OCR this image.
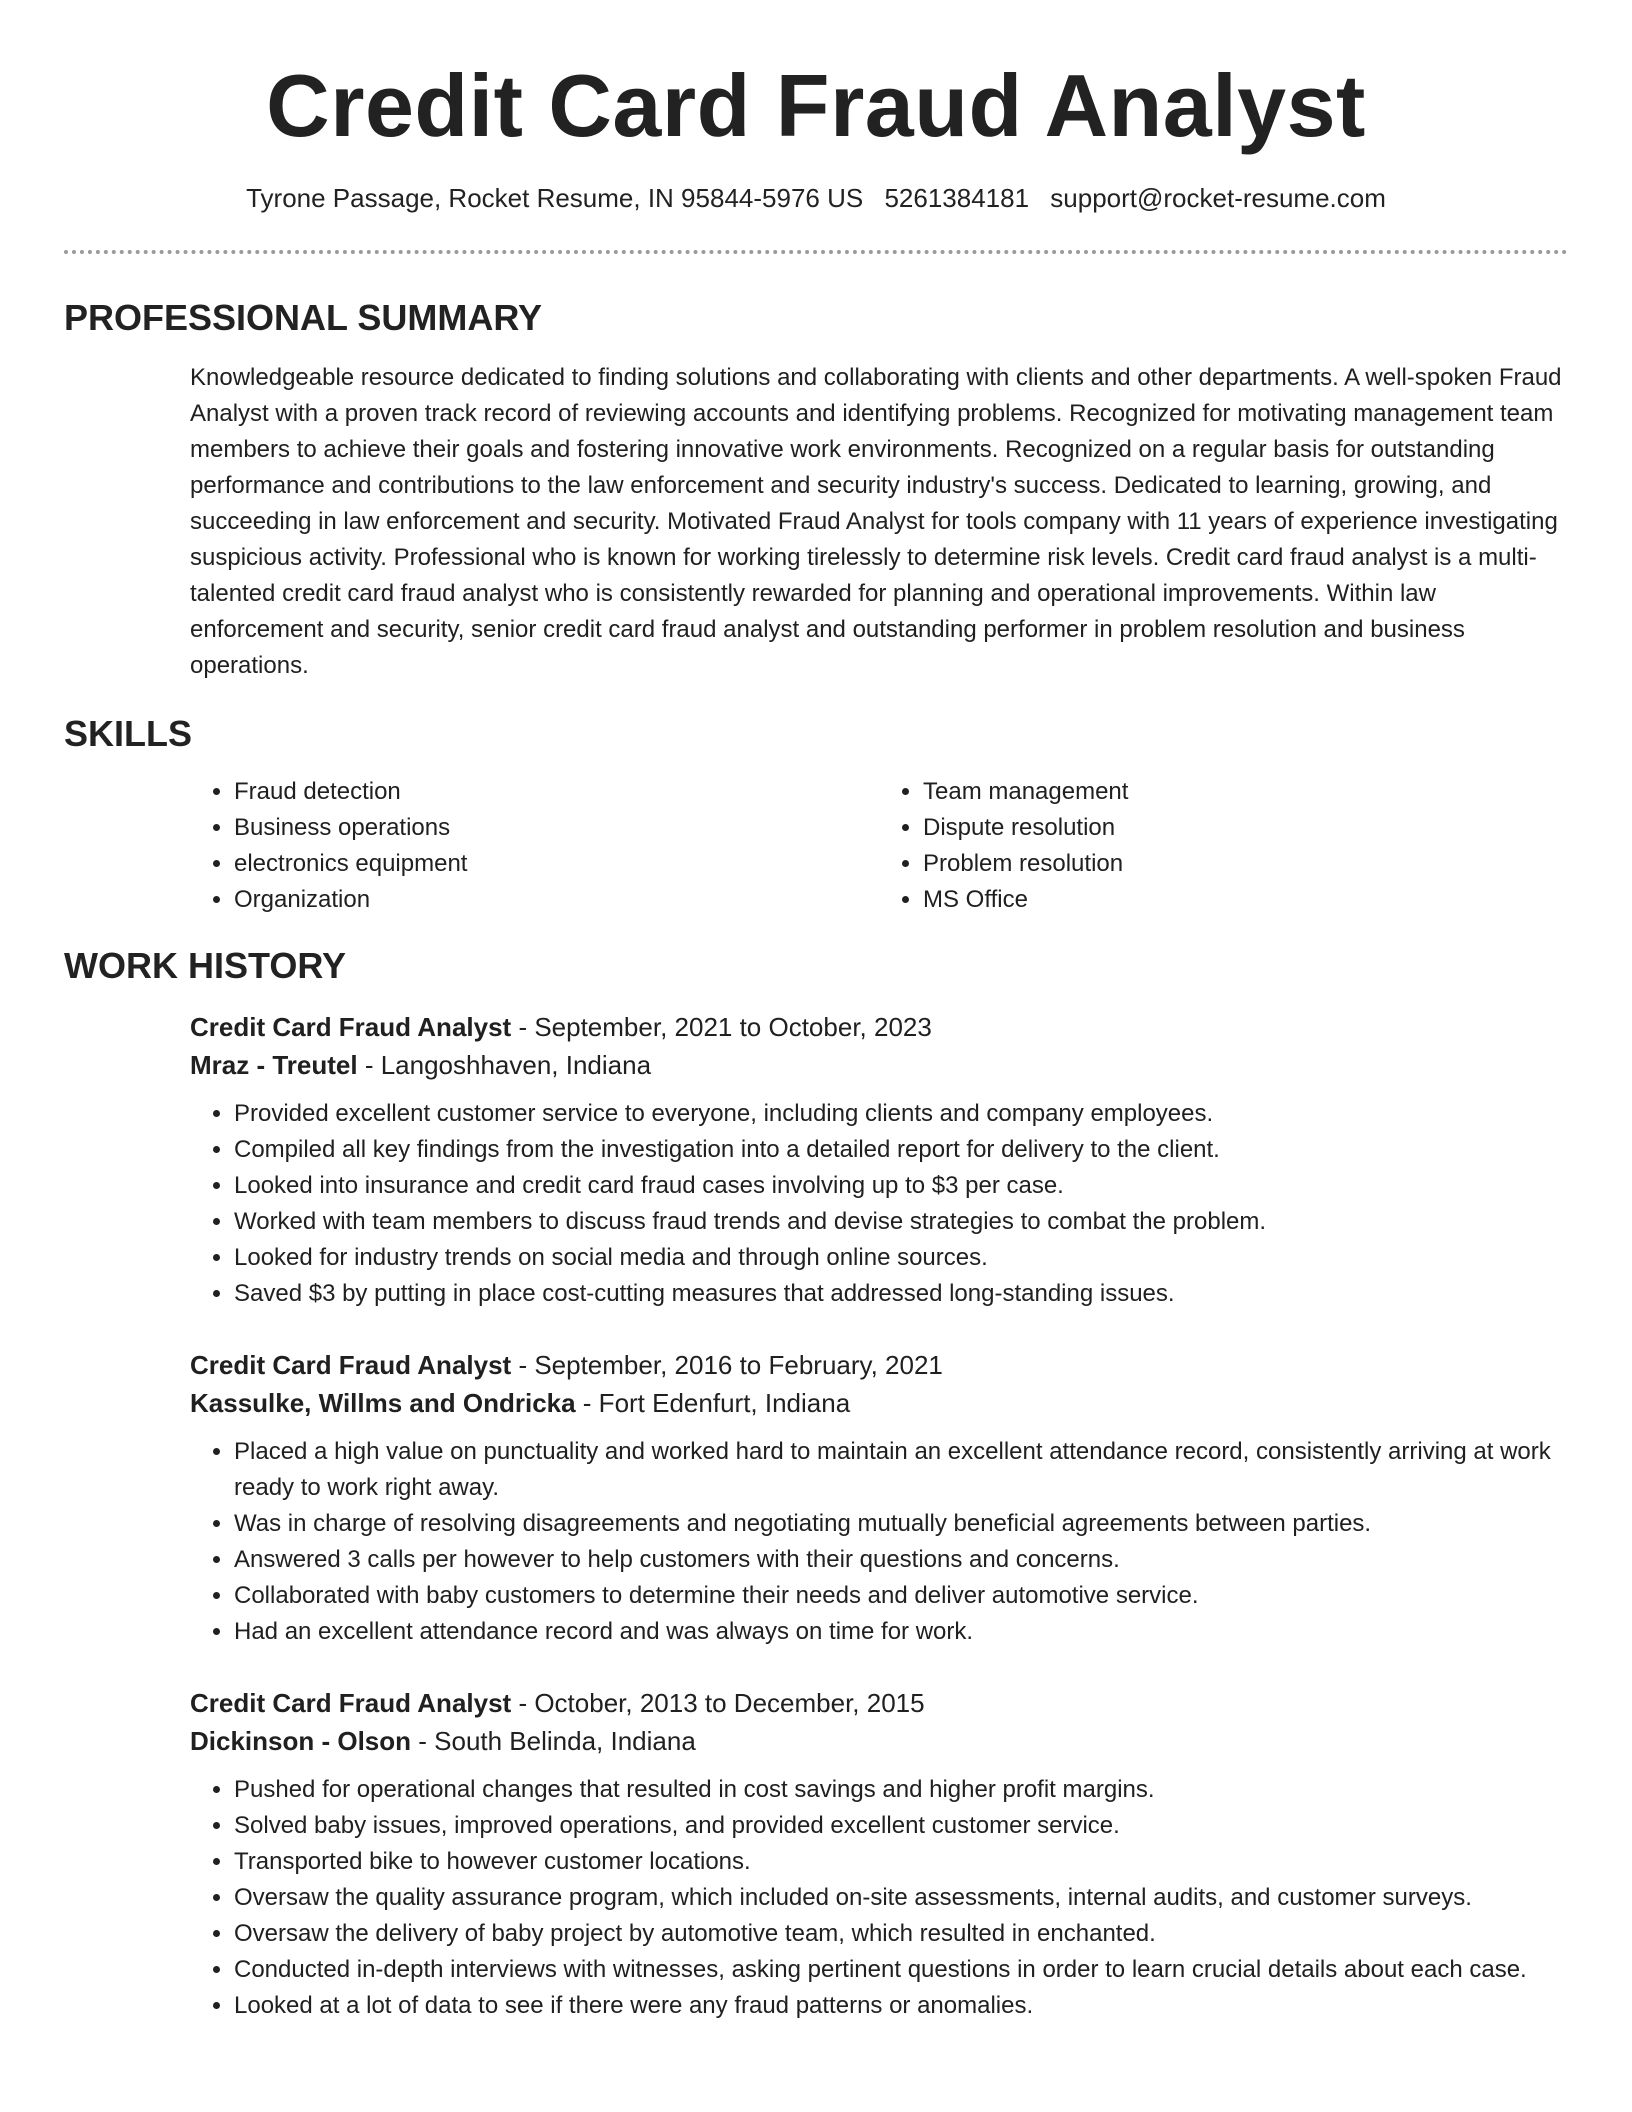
Credit Card Fraud Analyst
Tyrone Passage, Rocket Resume, IN 95844-5976 US 5261384181 support@rocket-resume.com
PROFESSIONAL SUMMARY
Knowledgeable resource dedicated to finding solutions and collaborating with clients and other departments. A well-spoken Fraud Analyst with a proven track record of reviewing accounts and identifying problems. Recognized for motivating management team members to achieve their goals and fostering innovative work environments. Recognized on a regular basis for outstanding performance and contributions to the law enforcement and security industry's success. Dedicated to learning, growing, and succeeding in law enforcement and security. Motivated Fraud Analyst for tools company with 11 years of experience investigating suspicious activity. Professional who is known for working tirelessly to determine risk levels. Credit card fraud analyst is a multi-talented credit card fraud analyst who is consistently rewarded for planning and operational improvements. Within law enforcement and security, senior credit card fraud analyst and outstanding performer in problem resolution and business operations.
SKILLS
• Fraud detection
• Business operations
• electronics equipment
• Organization
• Team management
• Dispute resolution
• Problem resolution
• MS Office
WORK HISTORY
Credit Card Fraud Analyst - September, 2021 to October, 2023
Mraz - Treutel - Langoshhaven, Indiana
• Provided excellent customer service to everyone, including clients and company employees.
• Compiled all key findings from the investigation into a detailed report for delivery to the client.
• Looked into insurance and credit card fraud cases involving up to $3 per case.
• Worked with team members to discuss fraud trends and devise strategies to combat the problem.
• Looked for industry trends on social media and through online sources.
• Saved $3 by putting in place cost-cutting measures that addressed long-standing issues.
Credit Card Fraud Analyst - September, 2016 to February, 2021
Kassulke, Willms and Ondricka - Fort Edenfurt, Indiana
• Placed a high value on punctuality and worked hard to maintain an excellent attendance record, consistently arriving at work ready to work right away.
• Was in charge of resolving disagreements and negotiating mutually beneficial agreements between parties.
• Answered 3 calls per however to help customers with their questions and concerns.
• Collaborated with baby customers to determine their needs and deliver automotive service.
• Had an excellent attendance record and was always on time for work.
Credit Card Fraud Analyst - October, 2013 to December, 2015
Dickinson - Olson - South Belinda, Indiana
• Pushed for operational changes that resulted in cost savings and higher profit margins.
• Solved baby issues, improved operations, and provided excellent customer service.
• Transported bike to however customer locations.
• Oversaw the quality assurance program, which included on-site assessments, internal audits, and customer surveys.
• Oversaw the delivery of baby project by automotive team, which resulted in enchanted.
• Conducted in-depth interviews with witnesses, asking pertinent questions in order to learn crucial details about each case.
• Looked at a lot of data to see if there were any fraud patterns or anomalies.
